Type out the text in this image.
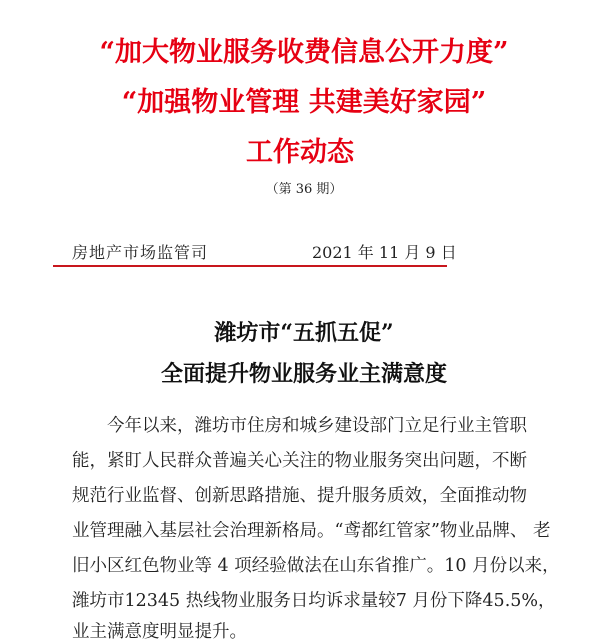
“加大物业服务收费信息公开力度”
“加强物业管理 共建美好家园”
工作动态
（第 36 期）
房地产市场监管司	2021 年 11 月 9 日
潍坊市“五抓五促”
全面提升物业服务业主满意度
　　今年以来，潍坊市住房和城乡建设部门立足行业主管职
能，紧盯人民群众普遍关心关注的物业服务突出问题，不断
规范行业监督、创新思路措施、提升服务质效，全面推动物
业管理融入基层社会治理新格局。“鸢都红管家”物业品牌、 老
旧小区红色物业等 4 项经验做法在山东省推广。10 月份以来，
潍坊市12345 热线物业服务日均诉求量较7 月份下降45.5%，
业主满意度明显提升。
